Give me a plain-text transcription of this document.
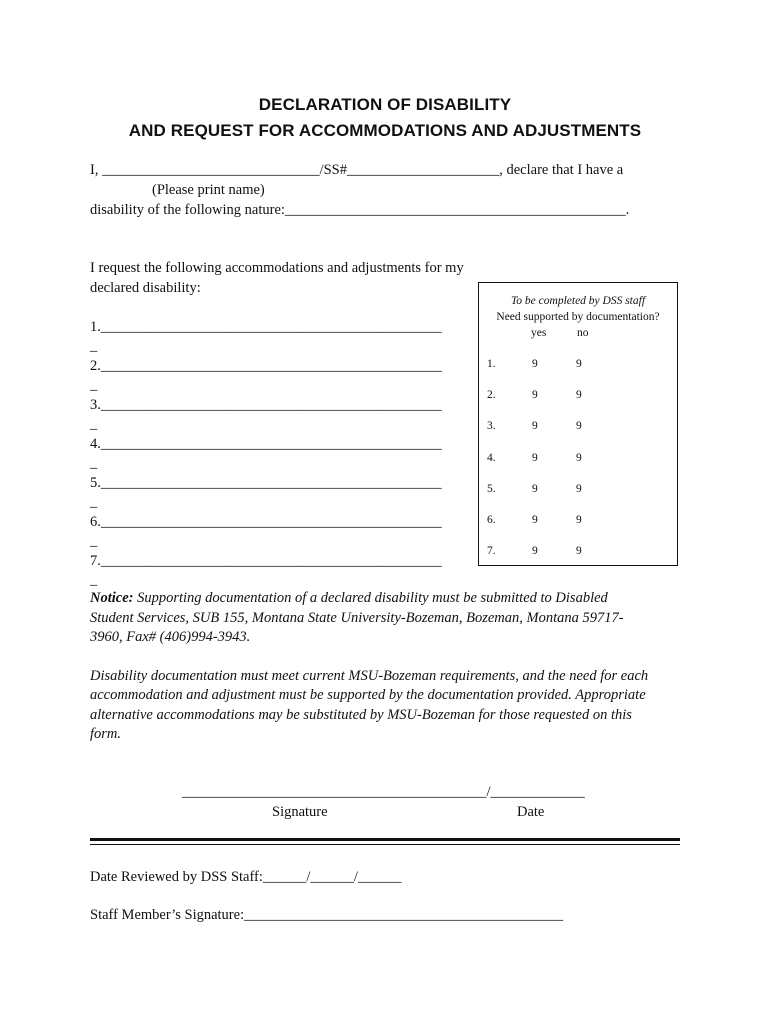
DECLARATION OF DISABILITY
AND REQUEST FOR ACCOMMODATIONS AND ADJUSTMENTS
I, ______________________________/SS#_____________________, declare that I have a
(Please print name)
disability of the following nature:_______________________________________________.
I request the following accommodations and adjustments for my
declared disability:
1._______________________________________________
_
2._______________________________________________
_
3._______________________________________________
_
4._______________________________________________
_
5._______________________________________________
_
6._______________________________________________
_
7._______________________________________________
_
To be completed by DSS staff
Need supported by documentation?
yes	no
1.	9	9
2.	9	9
3.	9	9
4.	9	9
5.	9	9
6.	9	9
7.	9	9
Notice: Supporting documentation of a declared disability must be submitted to Disabled
Student Services, SUB 155, Montana State University-Bozeman, Bozeman, Montana 59717-
3960, Fax# (406)994-3943.
Disability documentation must meet current MSU-Bozeman requirements, and the need for each
accommodation and adjustment must be supported by the documentation provided. Appropriate
alternative accommodations may be substituted by MSU-Bozeman for those requested on this
form.
__________________________________________/_____________
Signature	Date
Date Reviewed by DSS Staff:______/______/______
Staff Member’s Signature:____________________________________________
